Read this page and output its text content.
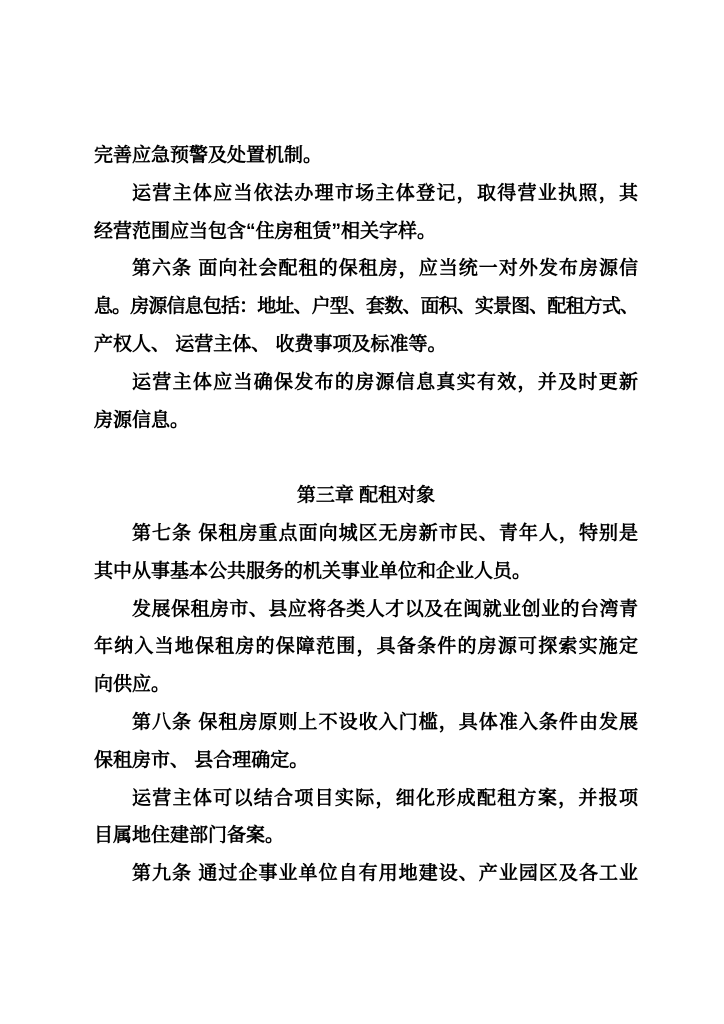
完善应急预警及处置机制。
运营主体应当依法办理市场主体登记，取得营业执照，其
经营范围应当包含“住房租赁”相关字样。
第六条 面向社会配租的保租房，应当统一对外发布房源信
息。房源信息包括：地址、户型、套数、面积、实景图、配租方式、
产权人、 运营主体、 收费事项及标准等。
运营主体应当确保发布的房源信息真实有效，并及时更新
房源信息。
第三章 配租对象
第七条 保租房重点面向城区无房新市民、青年人，特别是
其中从事基本公共服务的机关事业单位和企业人员。
发展保租房市、县应将各类人才以及在闽就业创业的台湾青
年纳入当地保租房的保障范围，具备条件的房源可探索实施定
向供应。
第八条 保租房原则上不设收入门槛，具体准入条件由发展
保租房市、 县合理确定。
运营主体可以结合项目实际，细化形成配租方案，并报项
目属地住建部门备案。
第九条 通过企事业单位自有用地建设、产业园区及各工业
